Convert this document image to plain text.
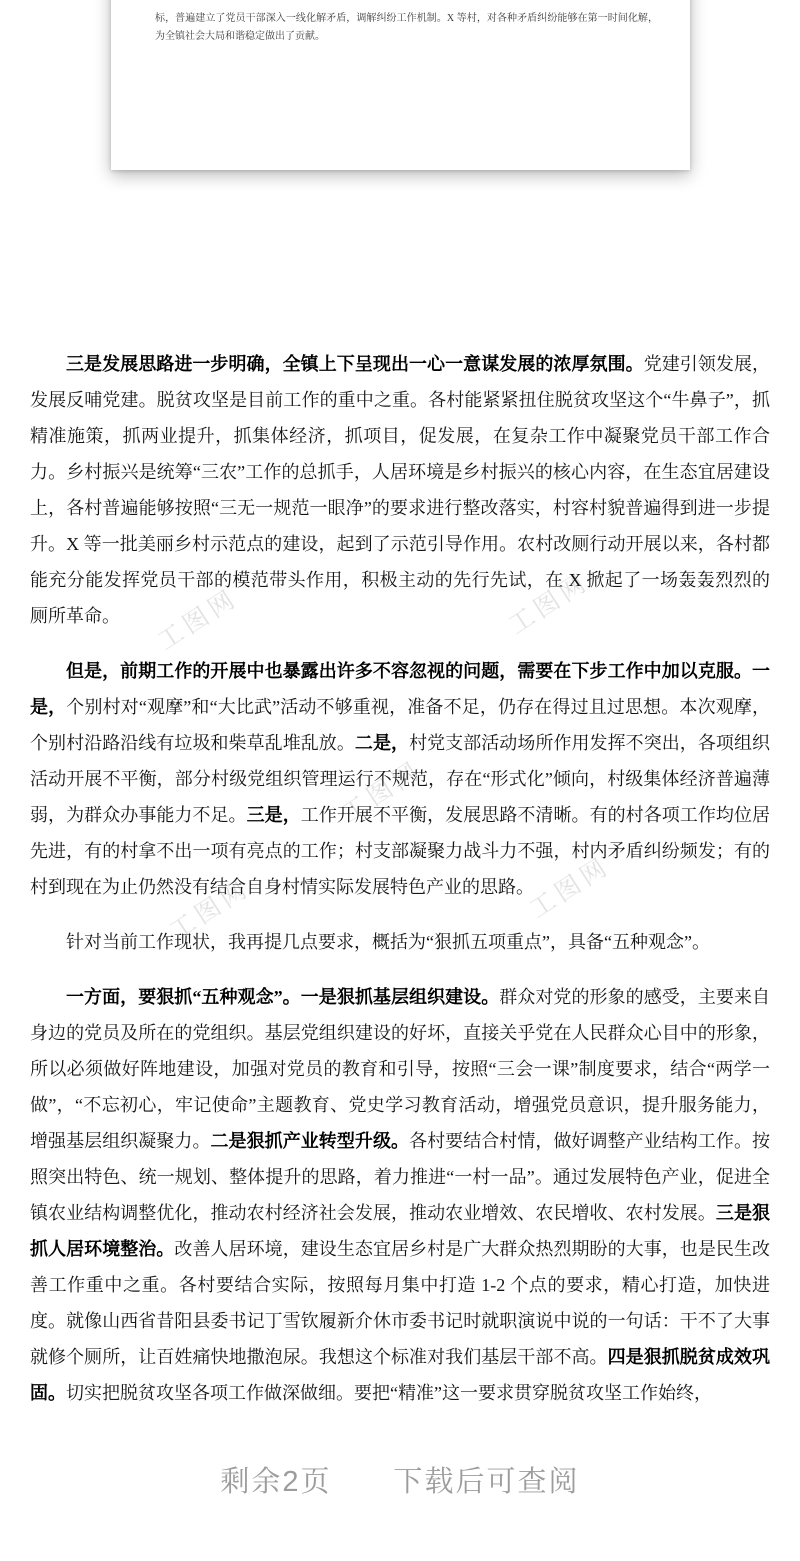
标，普遍建立了党员干部深入一线化解矛盾，调解纠纷工作机制。X 等村，对各种矛盾纠纷能够在第一时间化解，为全镇社会大局和谐稳定做出了贡献。

工图网	工图网
工图网
工图网	工图网

三是发展思路进一步明确，全镇上下呈现出一心一意谋发展的浓厚氛围。党建引领发展，发展反哺党建。脱贫攻坚是目前工作的重中之重。各村能紧紧扭住脱贫攻坚这个“牛鼻子”，抓精准施策，抓两业提升，抓集体经济，抓项目，促发展，在复杂工作中凝聚党员干部工作合力。乡村振兴是统筹“三农”工作的总抓手，人居环境是乡村振兴的核心内容，在生态宜居建设上，各村普遍能够按照“三无一规范一眼净”的要求进行整改落实，村容村貌普遍得到进一步提升。X 等一批美丽乡村示范点的建设，起到了示范引导作用。农村改厕行动开展以来，各村都能充分能发挥党员干部的模范带头作用，积极主动的先行先试，在 X 掀起了一场轰轰烈烈的厕所革命。

但是，前期工作的开展中也暴露出许多不容忽视的问题，需要在下步工作中加以克服。一是，个别村对“观摩”和“大比武”活动不够重视，准备不足，仍存在得过且过思想。本次观摩，个别村沿路沿线有垃圾和柴草乱堆乱放。二是，村党支部活动场所作用发挥不突出，各项组织活动开展不平衡，部分村级党组织管理运行不规范，存在“形式化”倾向，村级集体经济普遍薄弱，为群众办事能力不足。三是，工作开展不平衡，发展思路不清晰。有的村各项工作均位居先进，有的村拿不出一项有亮点的工作；村支部凝聚力战斗力不强，村内矛盾纠纷频发；有的村到现在为止仍然没有结合自身村情实际发展特色产业的思路。

针对当前工作现状，我再提几点要求，概括为“狠抓五项重点”，具备“五种观念”。

一方面，要狠抓“五种观念”。一是狠抓基层组织建设。群众对党的形象的感受，主要来自身边的党员及所在的党组织。基层党组织建设的好坏，直接关乎党在人民群众心目中的形象，所以必须做好阵地建设，加强对党员的教育和引导，按照“三会一课”制度要求，结合“两学一做”，“不忘初心，牢记使命”主题教育、党史学习教育活动，增强党员意识，提升服务能力，增强基层组织凝聚力。二是狠抓产业转型升级。各村要结合村情，做好调整产业结构工作。按照突出特色、统一规划、整体提升的思路，着力推进“一村一品”。通过发展特色产业，促进全镇农业结构调整优化，推动农村经济社会发展，推动农业增效、农民增收、农村发展。三是狠抓人居环境整治。改善人居环境，建设生态宜居乡村是广大群众热烈期盼的大事，也是民生改善工作重中之重。各村要结合实际，按照每月集中打造 1-2 个点的要求，精心打造，加快进度。就像山西省昔阳县委书记丁雪钦履新介休市委书记时就职演说中说的一句话：干不了大事就修个厕所，让百姓痛快地撒泡尿。我想这个标准对我们基层干部不高。四是狠抓脱贫成效巩固。切实把脱贫攻坚各项工作做深做细。要把“精准”这一要求贯穿脱贫攻坚工作始终，

剩余2页　　下载后可查阅
